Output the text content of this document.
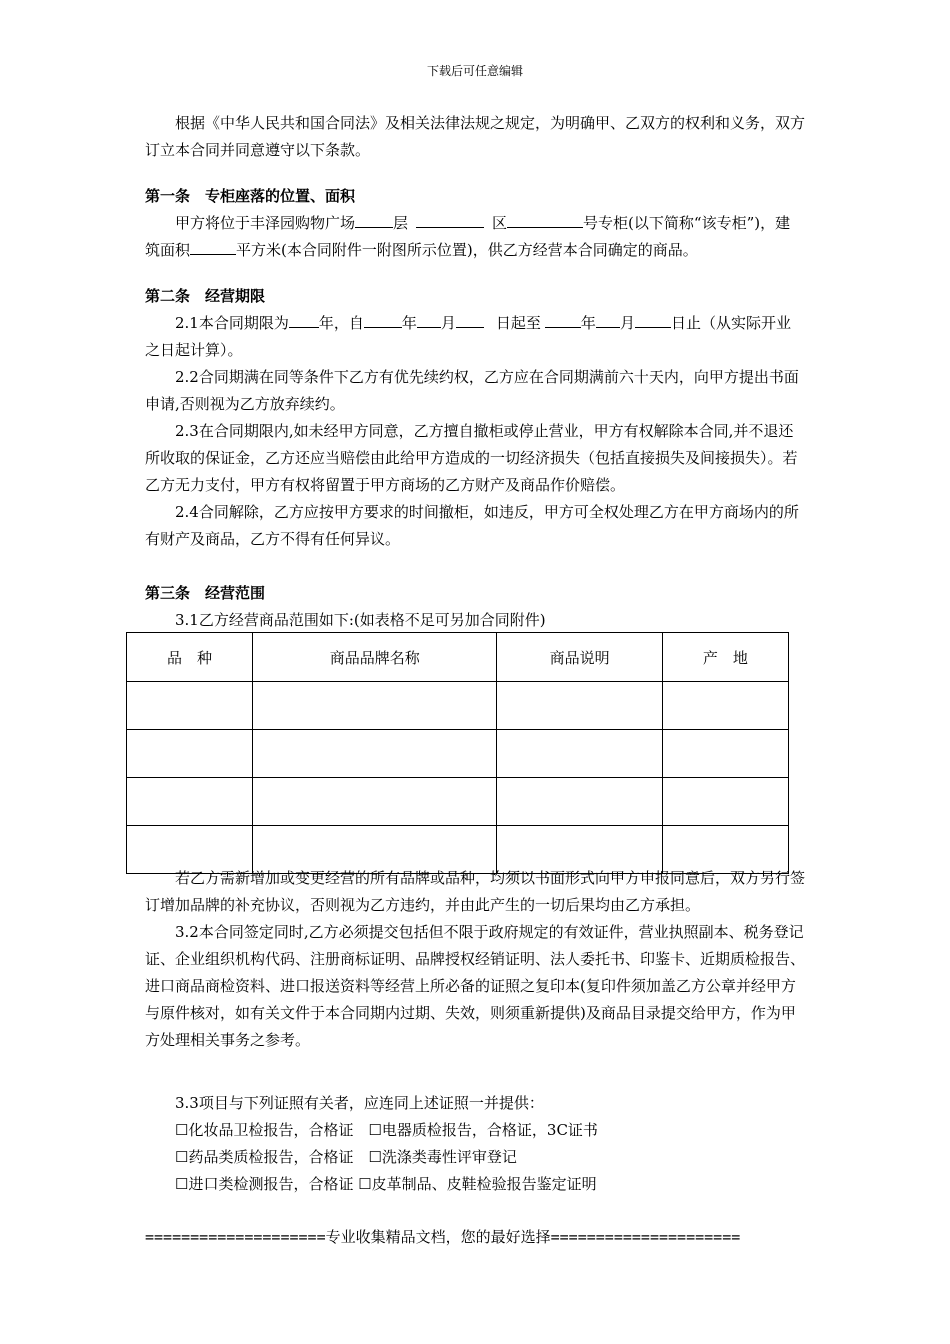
下载后可任意编辑

根据《中华人民共和国合同法》及相关法律法规之规定，为明确甲、乙双方的权利和义务，双方订立本合同并同意遵守以下条款。

第一条　专柜座落的位置、面积

甲方将位于丰泽园购物广场	层	区	号专柜(以下简称“该专柜”)，建筑面积	平方米(本合同附件一附图所示位置)，供乙方经营本合同确定的商品。

第二条　经营期限

2.1本合同期限为 年，自	年 月	日起至	年 月 日止（从实际开业之日起计算）。

2.2合同期满在同等条件下乙方有优先续约权，乙方应在合同期满前六十天内，向甲方提出书面申请,否则视为乙方放弃续约。

2.3在合同期限内,如未经甲方同意，乙方擅自撤柜或停止营业，甲方有权解除本合同,并不退还所收取的保证金，乙方还应当赔偿由此给甲方造成的一切经济损失（包括直接损失及间接损失）。若乙方无力支付，甲方有权将留置于甲方商场的乙方财产及商品作价赔偿。

2.4合同解除，乙方应按甲方要求的时间撤柜，如违反，甲方可全权处理乙方在甲方商场内的所有财产及商品，乙方不得有任何异议。

第三条　经营范围

3.1乙方经营商品范围如下:(如表格不足可另加合同附件)

品　种	商品品牌名称	商品说明	产　地

若乙方需新增加或变更经营的所有品牌或品种，均须以书面形式向甲方申报同意后，双方另行签订增加品牌的补充协议，否则视为乙方违约，并由此产生的一切后果均由乙方承担。

3.2本合同签定同时,乙方必须提交包括但不限于政府规定的有效证件，营业执照副本、税务登记证、企业组织机构代码、注册商标证明、品牌授权经销证明、法人委托书、印鉴卡、近期质检报告、进口商品商检资料、进口报送资料等经营上所必备的证照之复印本(复印件须加盖乙方公章并经甲方与原件核对，如有关文件于本合同期内过期、失效，则须重新提供)及商品目录提交给甲方，作为甲方处理相关事务之参考。

3.3项目与下列证照有关者，应连同上述证照一并提供：

☐化妆品卫检报告，合格证　☐电器质检报告，合格证，3C证书

☐药品类质检报告，合格证　☐洗涤类毒性评审登记

☐进口类检测报告，合格证 ☐皮革制品、皮鞋检验报告鉴定证明

====================专业收集精品文档，您的最好选择=====================
